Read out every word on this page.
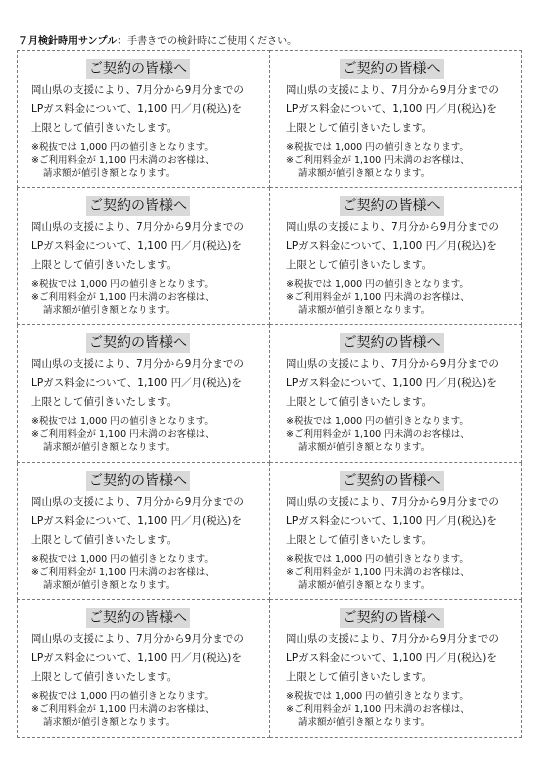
７月検針時用サンプル：手書きでの検針時にご使用ください。
ご契約の皆様へ
岡山県の支援により、7月分から9月分までの
LPガス料金について、1,100 円／月(税込)を
上限として値引きいたします。
※税抜では 1,000 円の値引きとなります。
※ご利用料金が 1,100 円未満のお客様は、
請求額が値引き額となります。
ご契約の皆様へ
岡山県の支援により、7月分から9月分までの
LPガス料金について、1,100 円／月(税込)を
上限として値引きいたします。
※税抜では 1,000 円の値引きとなります。
※ご利用料金が 1,100 円未満のお客様は、
請求額が値引き額となります。
ご契約の皆様へ
岡山県の支援により、7月分から9月分までの
LPガス料金について、1,100 円／月(税込)を
上限として値引きいたします。
※税抜では 1,000 円の値引きとなります。
※ご利用料金が 1,100 円未満のお客様は、
請求額が値引き額となります。
ご契約の皆様へ
岡山県の支援により、7月分から9月分までの
LPガス料金について、1,100 円／月(税込)を
上限として値引きいたします。
※税抜では 1,000 円の値引きとなります。
※ご利用料金が 1,100 円未満のお客様は、
請求額が値引き額となります。
ご契約の皆様へ
岡山県の支援により、7月分から9月分までの
LPガス料金について、1,100 円／月(税込)を
上限として値引きいたします。
※税抜では 1,000 円の値引きとなります。
※ご利用料金が 1,100 円未満のお客様は、
請求額が値引き額となります。
ご契約の皆様へ
岡山県の支援により、7月分から9月分までの
LPガス料金について、1,100 円／月(税込)を
上限として値引きいたします。
※税抜では 1,000 円の値引きとなります。
※ご利用料金が 1,100 円未満のお客様は、
請求額が値引き額となります。
ご契約の皆様へ
岡山県の支援により、7月分から9月分までの
LPガス料金について、1,100 円／月(税込)を
上限として値引きいたします。
※税抜では 1,000 円の値引きとなります。
※ご利用料金が 1,100 円未満のお客様は、
請求額が値引き額となります。
ご契約の皆様へ
岡山県の支援により、7月分から9月分までの
LPガス料金について、1,100 円／月(税込)を
上限として値引きいたします。
※税抜では 1,000 円の値引きとなります。
※ご利用料金が 1,100 円未満のお客様は、
請求額が値引き額となります。
ご契約の皆様へ
岡山県の支援により、7月分から9月分までの
LPガス料金について、1,100 円／月(税込)を
上限として値引きいたします。
※税抜では 1,000 円の値引きとなります。
※ご利用料金が 1,100 円未満のお客様は、
請求額が値引き額となります。
ご契約の皆様へ
岡山県の支援により、7月分から9月分までの
LPガス料金について、1,100 円／月(税込)を
上限として値引きいたします。
※税抜では 1,000 円の値引きとなります。
※ご利用料金が 1,100 円未満のお客様は、
請求額が値引き額となります。
